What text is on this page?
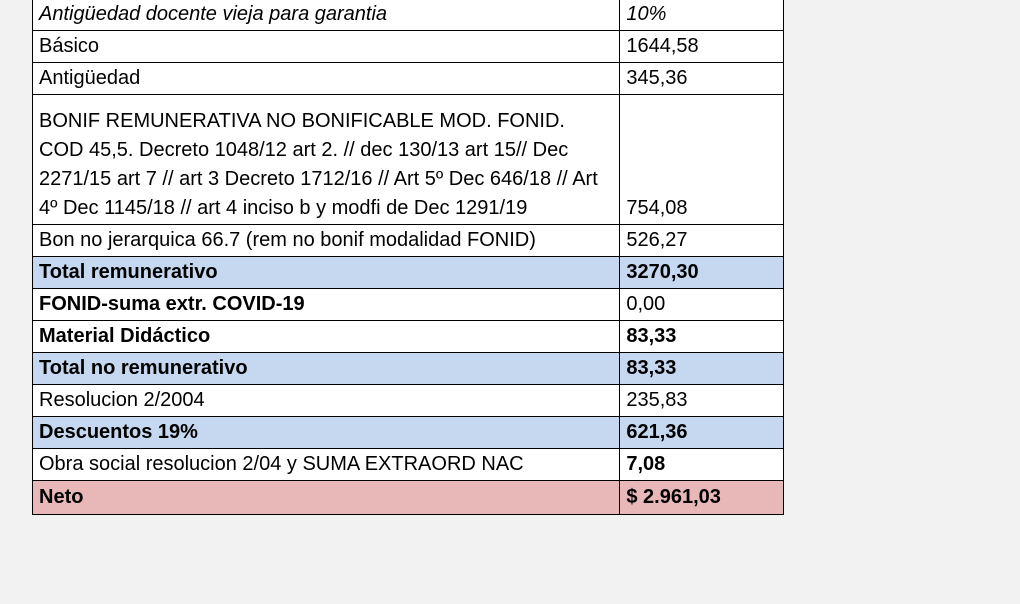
Antigüedad docente vieja para garantia	10%
Básico	1644,58
Antigüedad	345,36
BONIF REMUNERATIVA NO BONIFICABLE MOD. FONID. COD 45,5. Decreto 1048/12 art 2. // dec 130/13 art 15// Dec 2271/15 art 7 // art 3 Decreto 1712/16 // Art 5º Dec 646/18 // Art 4º Dec 1145/18 // art 4 inciso b y modfi de Dec 1291/19	754,08
Bon no jerarquica 66.7 (rem no bonif modalidad FONID)	526,27
Total remunerativo	3270,30
FONID-suma extr. COVID-19	0,00
Material Didáctico	83,33
Total no remunerativo	83,33
Resolucion 2/2004	235,83
Descuentos 19%	621,36
Obra social resolucion 2/04 y SUMA EXTRAORD NAC	7,08
Neto	$ 2.961,03
